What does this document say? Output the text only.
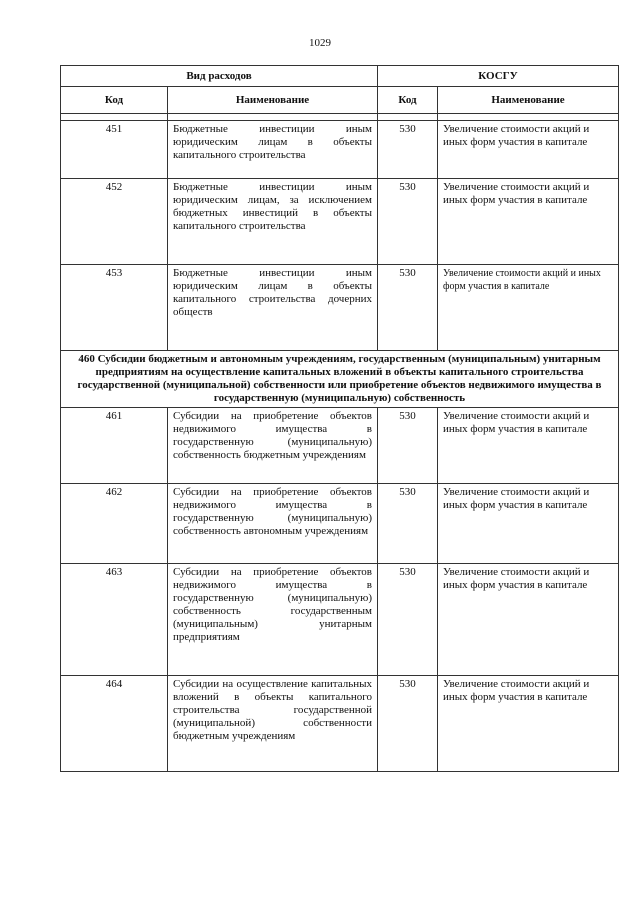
1029
Вид расходов		КОСГУ	
Код	Наименование	Код	Наименование

451	Бюджетные инвестиции иным юридическим лицам в объекты капитального строительства	530	Увеличение стоимости акций и иных форм участия в капитале
452	Бюджетные инвестиции иным юридическим лицам, за исключением бюджетных инвестиций в объекты капитального строительства	530	Увеличение стоимости акций и иных форм участия в капитале
453	Бюджетные инвестиции иным юридическим лицам в объекты капитального строительства дочерних обществ	530	Увеличение стоимости акций и иных форм участия в капитале
460 Субсидии бюджетным и автономным учреждениям, государственным (муниципальным) унитарным предприятиям на осуществление капитальных вложений в объекты капитального строительства государственной (муниципальной) собственности или приобретение объектов недвижимого имущества в государственную (муниципальную) собственность			
461	Субсидии на приобретение объектов недвижимого имущества в государственную (муниципальную) собственность бюджетным учреждениям	530	Увеличение стоимости акций и иных форм участия в капитале
462	Субсидии на приобретение объектов недвижимого имущества в государственную (муниципальную) собственность автономным учреждениям	530	Увеличение стоимости акций и иных форм участия в капитале
463	Субсидии на приобретение объектов недвижимого имущества в государственную (муниципальную) собственность государственным (муниципальным) унитарным предприятиям	530	Увеличение стоимости акций и иных форм участия в капитале
464	Субсидии на осуществление капитальных вложений в объекты капитального строительства государственной (муниципальной) собственности бюджетным учреждениям	530	Увеличение стоимости акций и иных форм участия в капитале
